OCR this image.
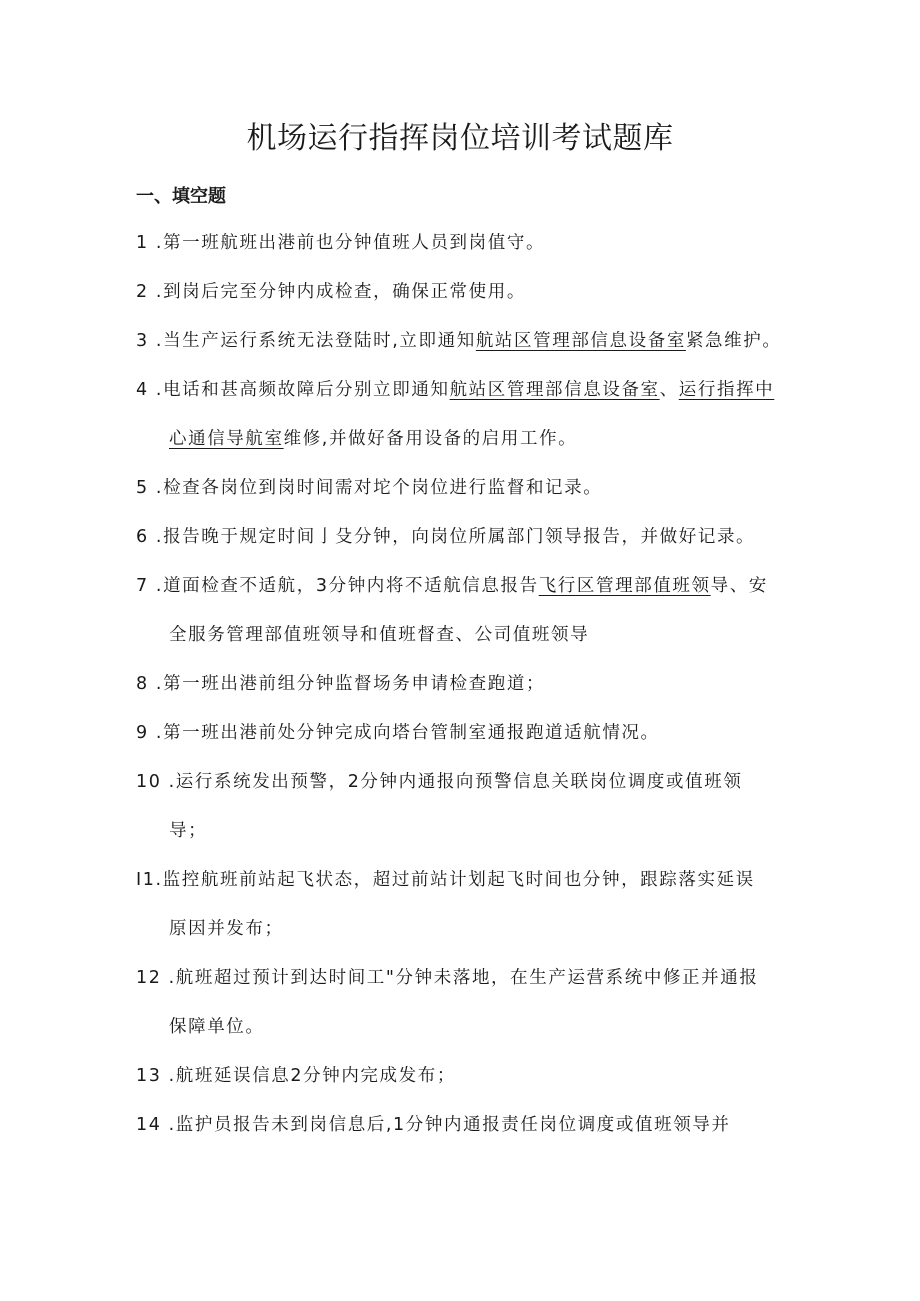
机场运行指挥岗位培训考试题库
一、填空题

1 .第一班航班出港前也分钟值班人员到岗值守。

2 .到岗后完至分钟内成检查，确保正常使用。

3 .当生产运行系统无法登陆时,立即通知航站区管理部信息设备室紧急维护。

4 .电话和甚高频故障后分别立即通知航站区管理部信息设备室、运行指挥中
心通信导航室维修,并做好备用设备的启用工作。

5 .检查各岗位到岗时间需对坨个岗位进行监督和记录。

6 .报告晚于规定时间亅殳分钟，向岗位所属部门领导报告，并做好记录。

7 .道面检查不适航，3分钟内将不适航信息报告飞行区管理部值班领导、安
全服务管理部值班领导和值班督查、公司值班领导

8 .第一班出港前组分钟监督场务申请检查跑道；

9 .第一班出港前处分钟完成向塔台管制室通报跑道适航情况。

10 .运行系统发出预警，2分钟内通报向预警信息关联岗位调度或值班领
导；

I1.监控航班前站起飞状态，超过前站计划起飞时间也分钟，跟踪落实延误
原因并发布；

12 .航班超过预计到达时间工"分钟未落地，在生产运营系统中修正并通报
保障单位。

13 .航班延误信息2分钟内完成发布；

14 .监护员报告未到岗信息后,1分钟内通报责任岗位调度或值班领导并
